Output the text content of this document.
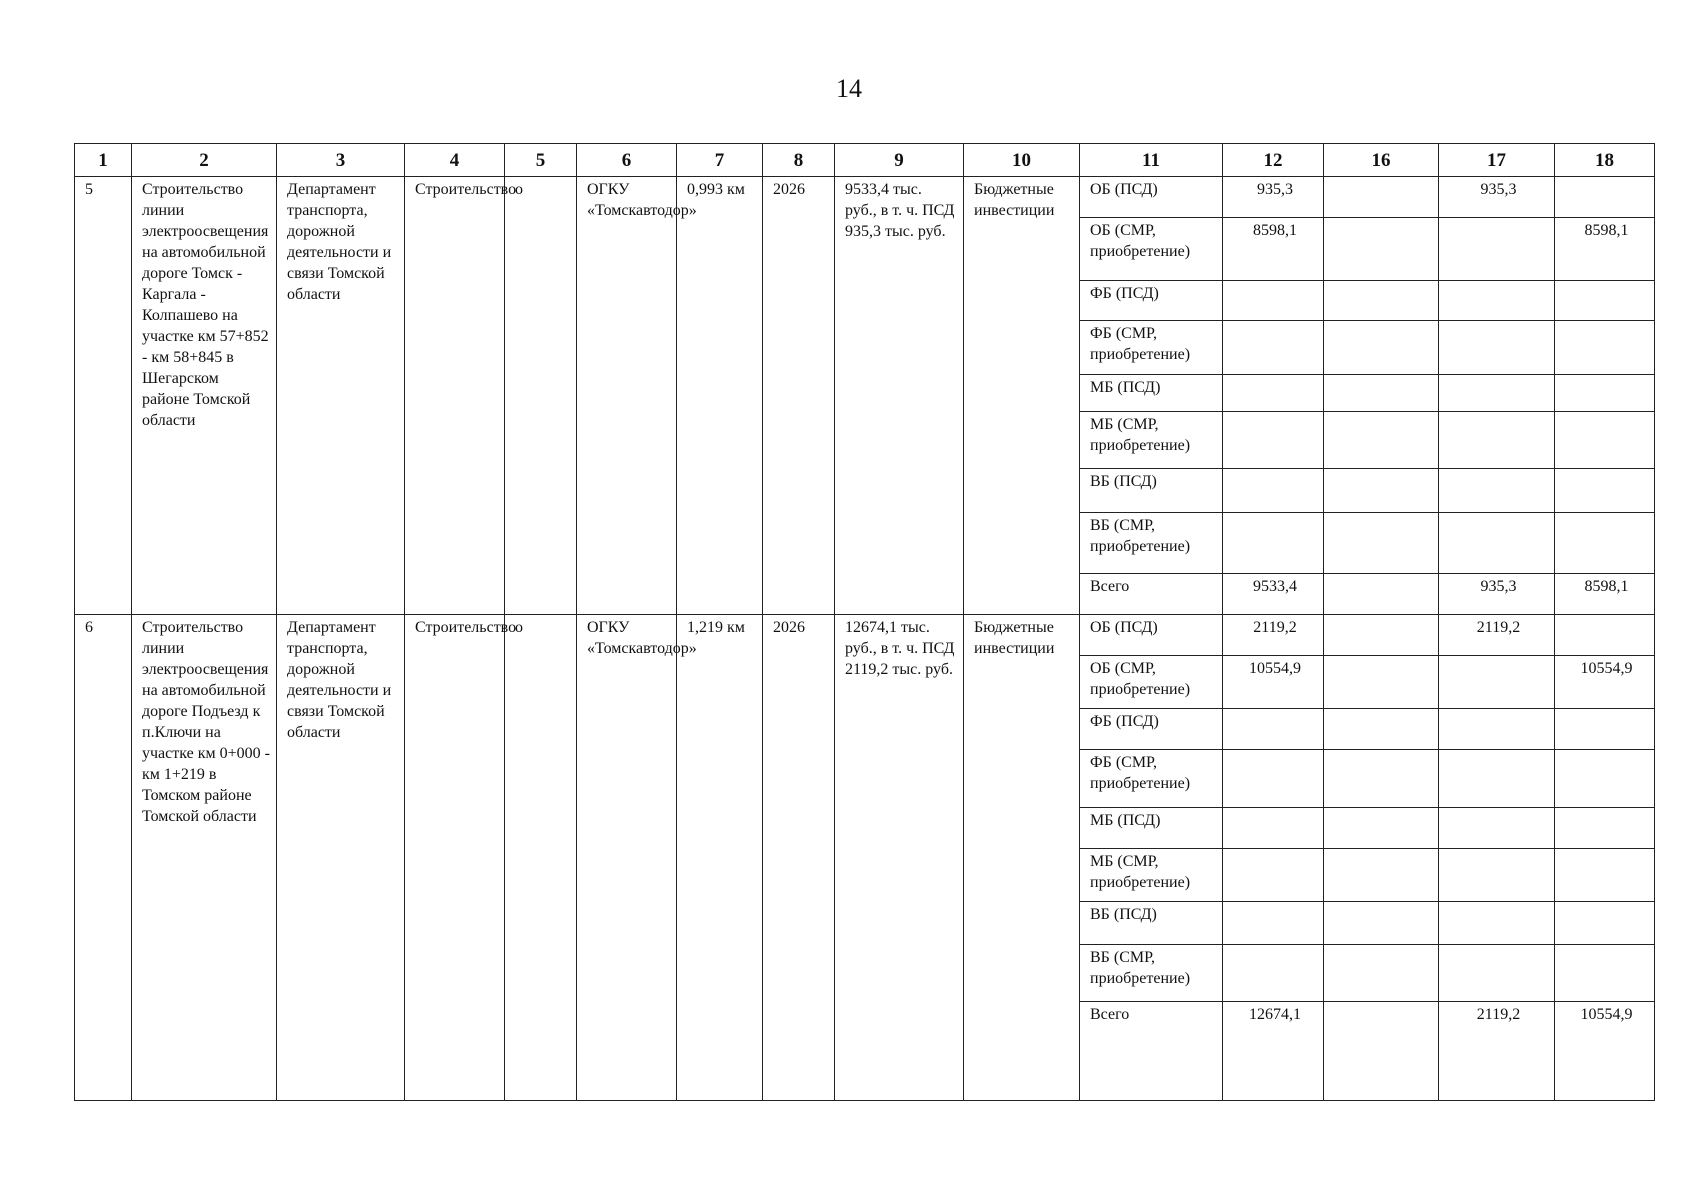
14
1	2	3	4	5	6	7	8	9	10	11	12	16	17	18
5	Строительство линии электроосвещения на автомобильной дороге Томск - Каргала - Колпашево на участке км 57+852 - км 58+845 в Шегарском районе Томской области	Департамент транспорта, дорожной деятельности и связи Томской области	Строительство	о	ОГКУ «Томскавтодор»	0,993 км	2026	9533,4 тыс. руб., в т. ч. ПСД 935,3 тыс. руб.	Бюджетные инвестиции	ОБ (ПСД)	935,3		935,3	
										ОБ (СМР, приобретение)	8598,1			8598,1
										ФБ (ПСД)				
										ФБ (СМР, приобретение)				
										МБ (ПСД)				
										МБ (СМР, приобретение)				
										ВБ (ПСД)				
										ВБ (СМР, приобретение)				
										Всего	9533,4		935,3	8598,1
6	Строительство линии электроосвещения на автомобильной дороге Подъезд к п.Ключи на участке км 0+000 - км 1+219 в Томском районе Томской области	Департамент транспорта, дорожной деятельности и связи Томской области	Строительство	о	ОГКУ «Томскавтодор»	1,219 км	2026	12674,1 тыс. руб., в т. ч. ПСД 2119,2 тыс. руб.	Бюджетные инвестиции	ОБ (ПСД)	2119,2		2119,2	
										ОБ (СМР, приобретение)	10554,9			10554,9
										ФБ (ПСД)				
										ФБ (СМР, приобретение)				
										МБ (ПСД)				
										МБ (СМР, приобретение)				
										ВБ (ПСД)				
										ВБ (СМР, приобретение)				
										Всего	12674,1		2119,2	10554,9
